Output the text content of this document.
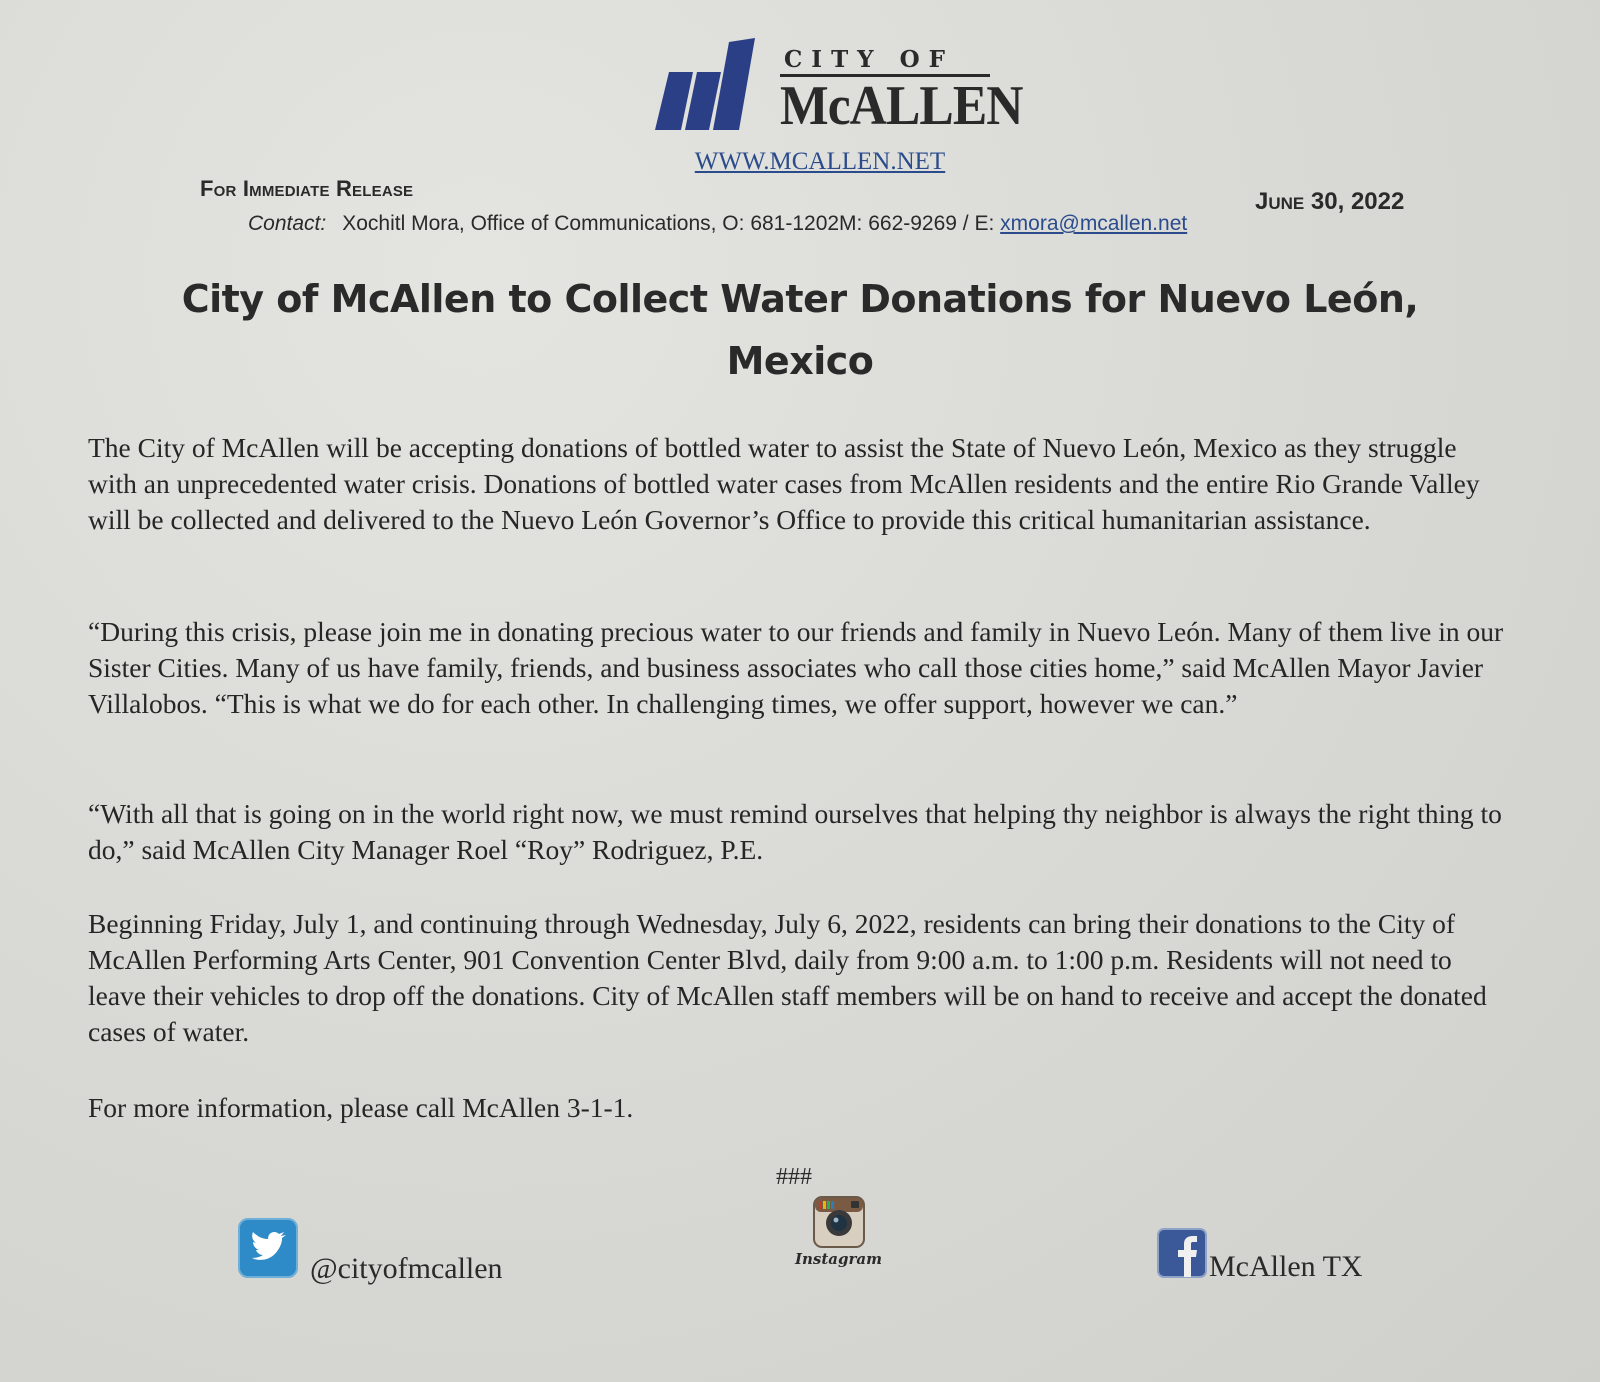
CITY OF
McALLEN
WWW.MCALLEN.NET
For Immediate Release	June 30, 2022
Contact: Xochitl Mora, Office of Communications, O: 681-1202M: 662-9269 / E: xmora@mcallen.net
City of McAllen to Collect Water Donations for Nuevo León,
Mexico
The City of McAllen will be accepting donations of bottled water to assist the State of Nuevo León, Mexico as they struggle with an unprecedented water crisis. Donations of bottled water cases from McAllen residents and the entire Rio Grande Valley will be collected and delivered to the Nuevo León Governor’s Office to provide this critical humanitarian assistance.
“During this crisis, please join me in donating precious water to our friends and family in Nuevo León. Many of them live in our Sister Cities. Many of us have family, friends, and business associates who call those cities home,” said McAllen Mayor Javier Villalobos. “This is what we do for each other. In challenging times, we offer support, however we can.”
“With all that is going on in the world right now, we must remind ourselves that helping thy neighbor is always the right thing to do,” said McAllen City Manager Roel “Roy” Rodriguez, P.E.
Beginning Friday, July 1, and continuing through Wednesday, July 6, 2022, residents can bring their donations to the City of McAllen Performing Arts Center, 901 Convention Center Blvd, daily from 9:00 a.m. to 1:00 p.m. Residents will not need to leave their vehicles to drop off the donations. City of McAllen staff members will be on hand to receive and accept the donated cases of water.
For more information, please call McAllen 3-1-1.
###
@cityofmcallen	Instagram	McAllen TX
